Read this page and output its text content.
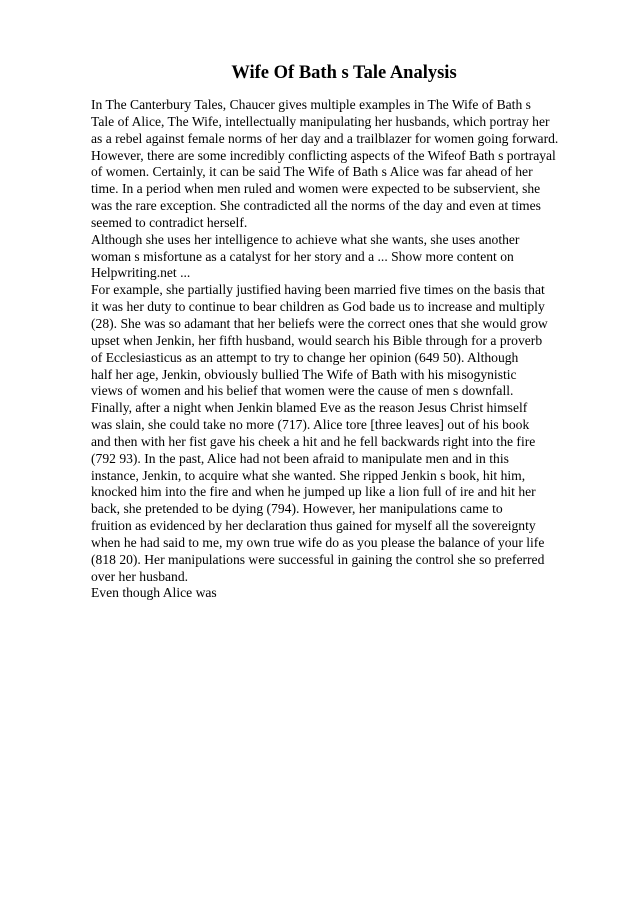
Wife Of Bath s Tale Analysis
In The Canterbury Tales, Chaucer gives multiple examples in The Wife of Bath s
Tale of Alice, The Wife, intellectually manipulating her husbands, which portray her
as a rebel against female norms of her day and a trailblazer for women going forward.
However, there are some incredibly conflicting aspects of the Wifeof Bath s portrayal
of women. Certainly, it can be said The Wife of Bath s Alice was far ahead of her
time. In a period when men ruled and women were expected to be subservient, she
was the rare exception. She contradicted all the norms of the day and even at times
seemed to contradict herself.
Although she uses her intelligence to achieve what she wants, she uses another
woman s misfortune as a catalyst for her story and a ... Show more content on
Helpwriting.net ...
For example, she partially justified having been married five times on the basis that
it was her duty to continue to bear children as God bade us to increase and multiply
(28). She was so adamant that her beliefs were the correct ones that she would grow
upset when Jenkin, her fifth husband, would search his Bible through for a proverb
of Ecclesiasticus as an attempt to try to change her opinion (649 50). Although
half her age, Jenkin, obviously bullied The Wife of Bath with his misogynistic
views of women and his belief that women were the cause of men s downfall.
Finally, after a night when Jenkin blamed Eve as the reason Jesus Christ himself
was slain, she could take no more (717). Alice tore [three leaves] out of his book
and then with her fist gave his cheek a hit and he fell backwards right into the fire
(792 93). In the past, Alice had not been afraid to manipulate men and in this
instance, Jenkin, to acquire what she wanted. She ripped Jenkin s book, hit him,
knocked him into the fire and when he jumped up like a lion full of ire and hit her
back, she pretended to be dying (794). However, her manipulations came to
fruition as evidenced by her declaration thus gained for myself all the sovereignty
when he had said to me, my own true wife do as you please the balance of your life
(818 20). Her manipulations were successful in gaining the control she so preferred
over her husband.
Even though Alice was
